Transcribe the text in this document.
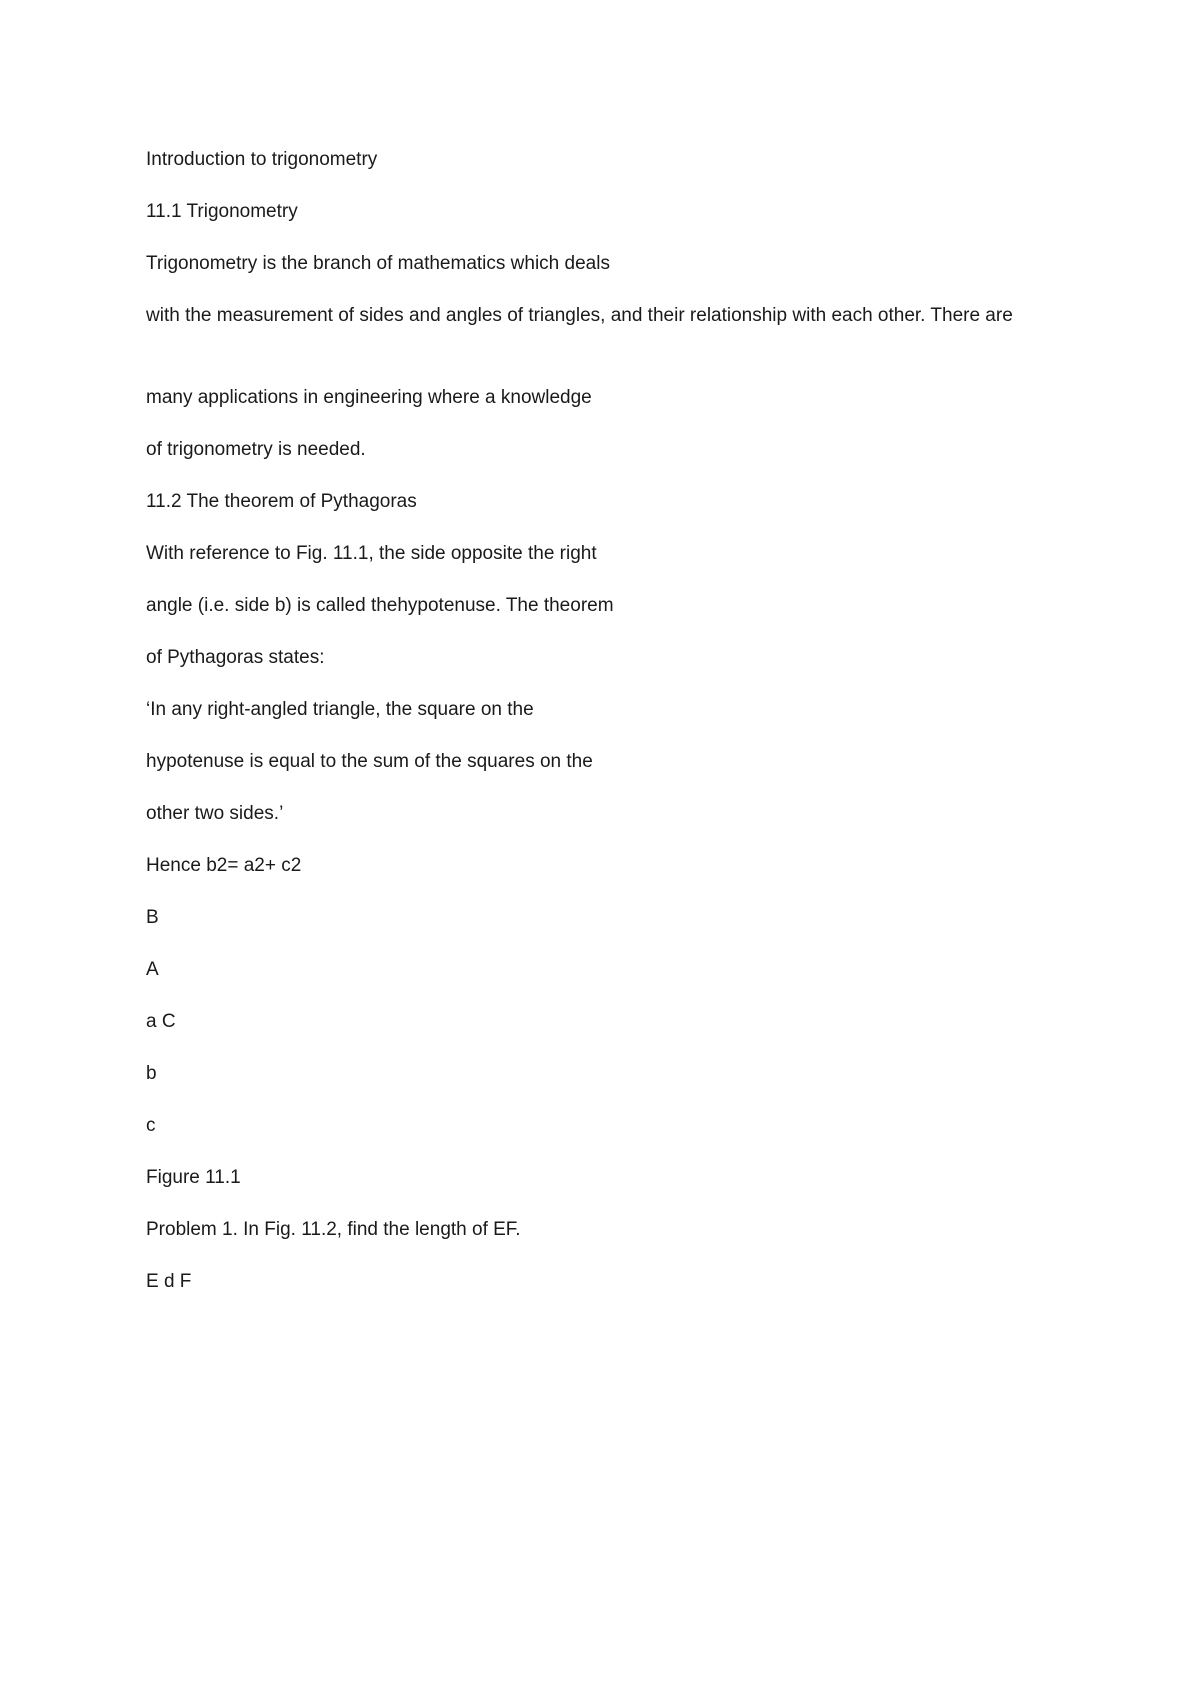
Introduction to trigonometry

11.1 Trigonometry

Trigonometry is the branch of mathematics which deals

with the measurement of sides and angles of triangles, and their relationship with each other. There are

many applications in engineering where a knowledge

of trigonometry is needed.

11.2 The theorem of Pythagoras

With reference to Fig. 11.1, the side opposite the right

angle (i.e. side b) is called thehypotenuse. The theorem

of Pythagoras states:

‘In any right-angled triangle, the square on the

hypotenuse is equal to the sum of the squares on the

other two sides.’

Hence b2= a2+ c2

B

A

a C

b

c

Figure 11.1

Problem 1. In Fig. 11.2, find the length of EF.

E d F
